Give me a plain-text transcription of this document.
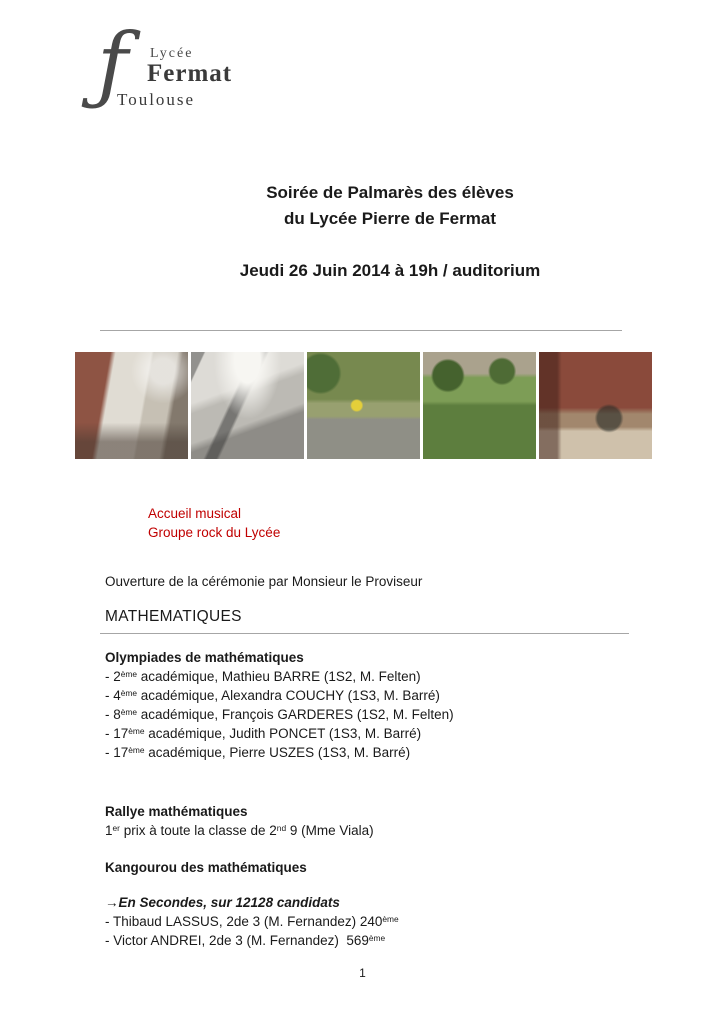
ƒ Lycée
Fermat
Toulouse
Soirée de Palmarès des élèves
du Lycée Pierre de Fermat
Jeudi 26 Juin 2014 à 19h / auditorium
Accueil musical
Groupe rock du Lycée

Ouverture de la cérémonie par Monsieur le Proviseur

MATHEMATIQUES

Olympiades de mathématiques

- 2ème académique, Mathieu BARRE (1S2, M. Felten)

- 4ème académique, Alexandra COUCHY (1S3, M. Barré)

- 8ème académique, François GARDERES (1S2, M. Felten)

- 17ème académique, Judith PONCET (1S3, M. Barré)

- 17ème académique, Pierre USZES (1S3, M. Barré)

Rallye mathématiques

1er prix à toute la classe de 2nd 9 (Mme Viala)

Kangourou des mathématiques

→En Secondes, sur 12128 candidats

- Thibaud LASSUS, 2de 3 (M. Fernandez) 240ème

- Victor ANDREI, 2de 3 (M. Fernandez)  569ème

1
